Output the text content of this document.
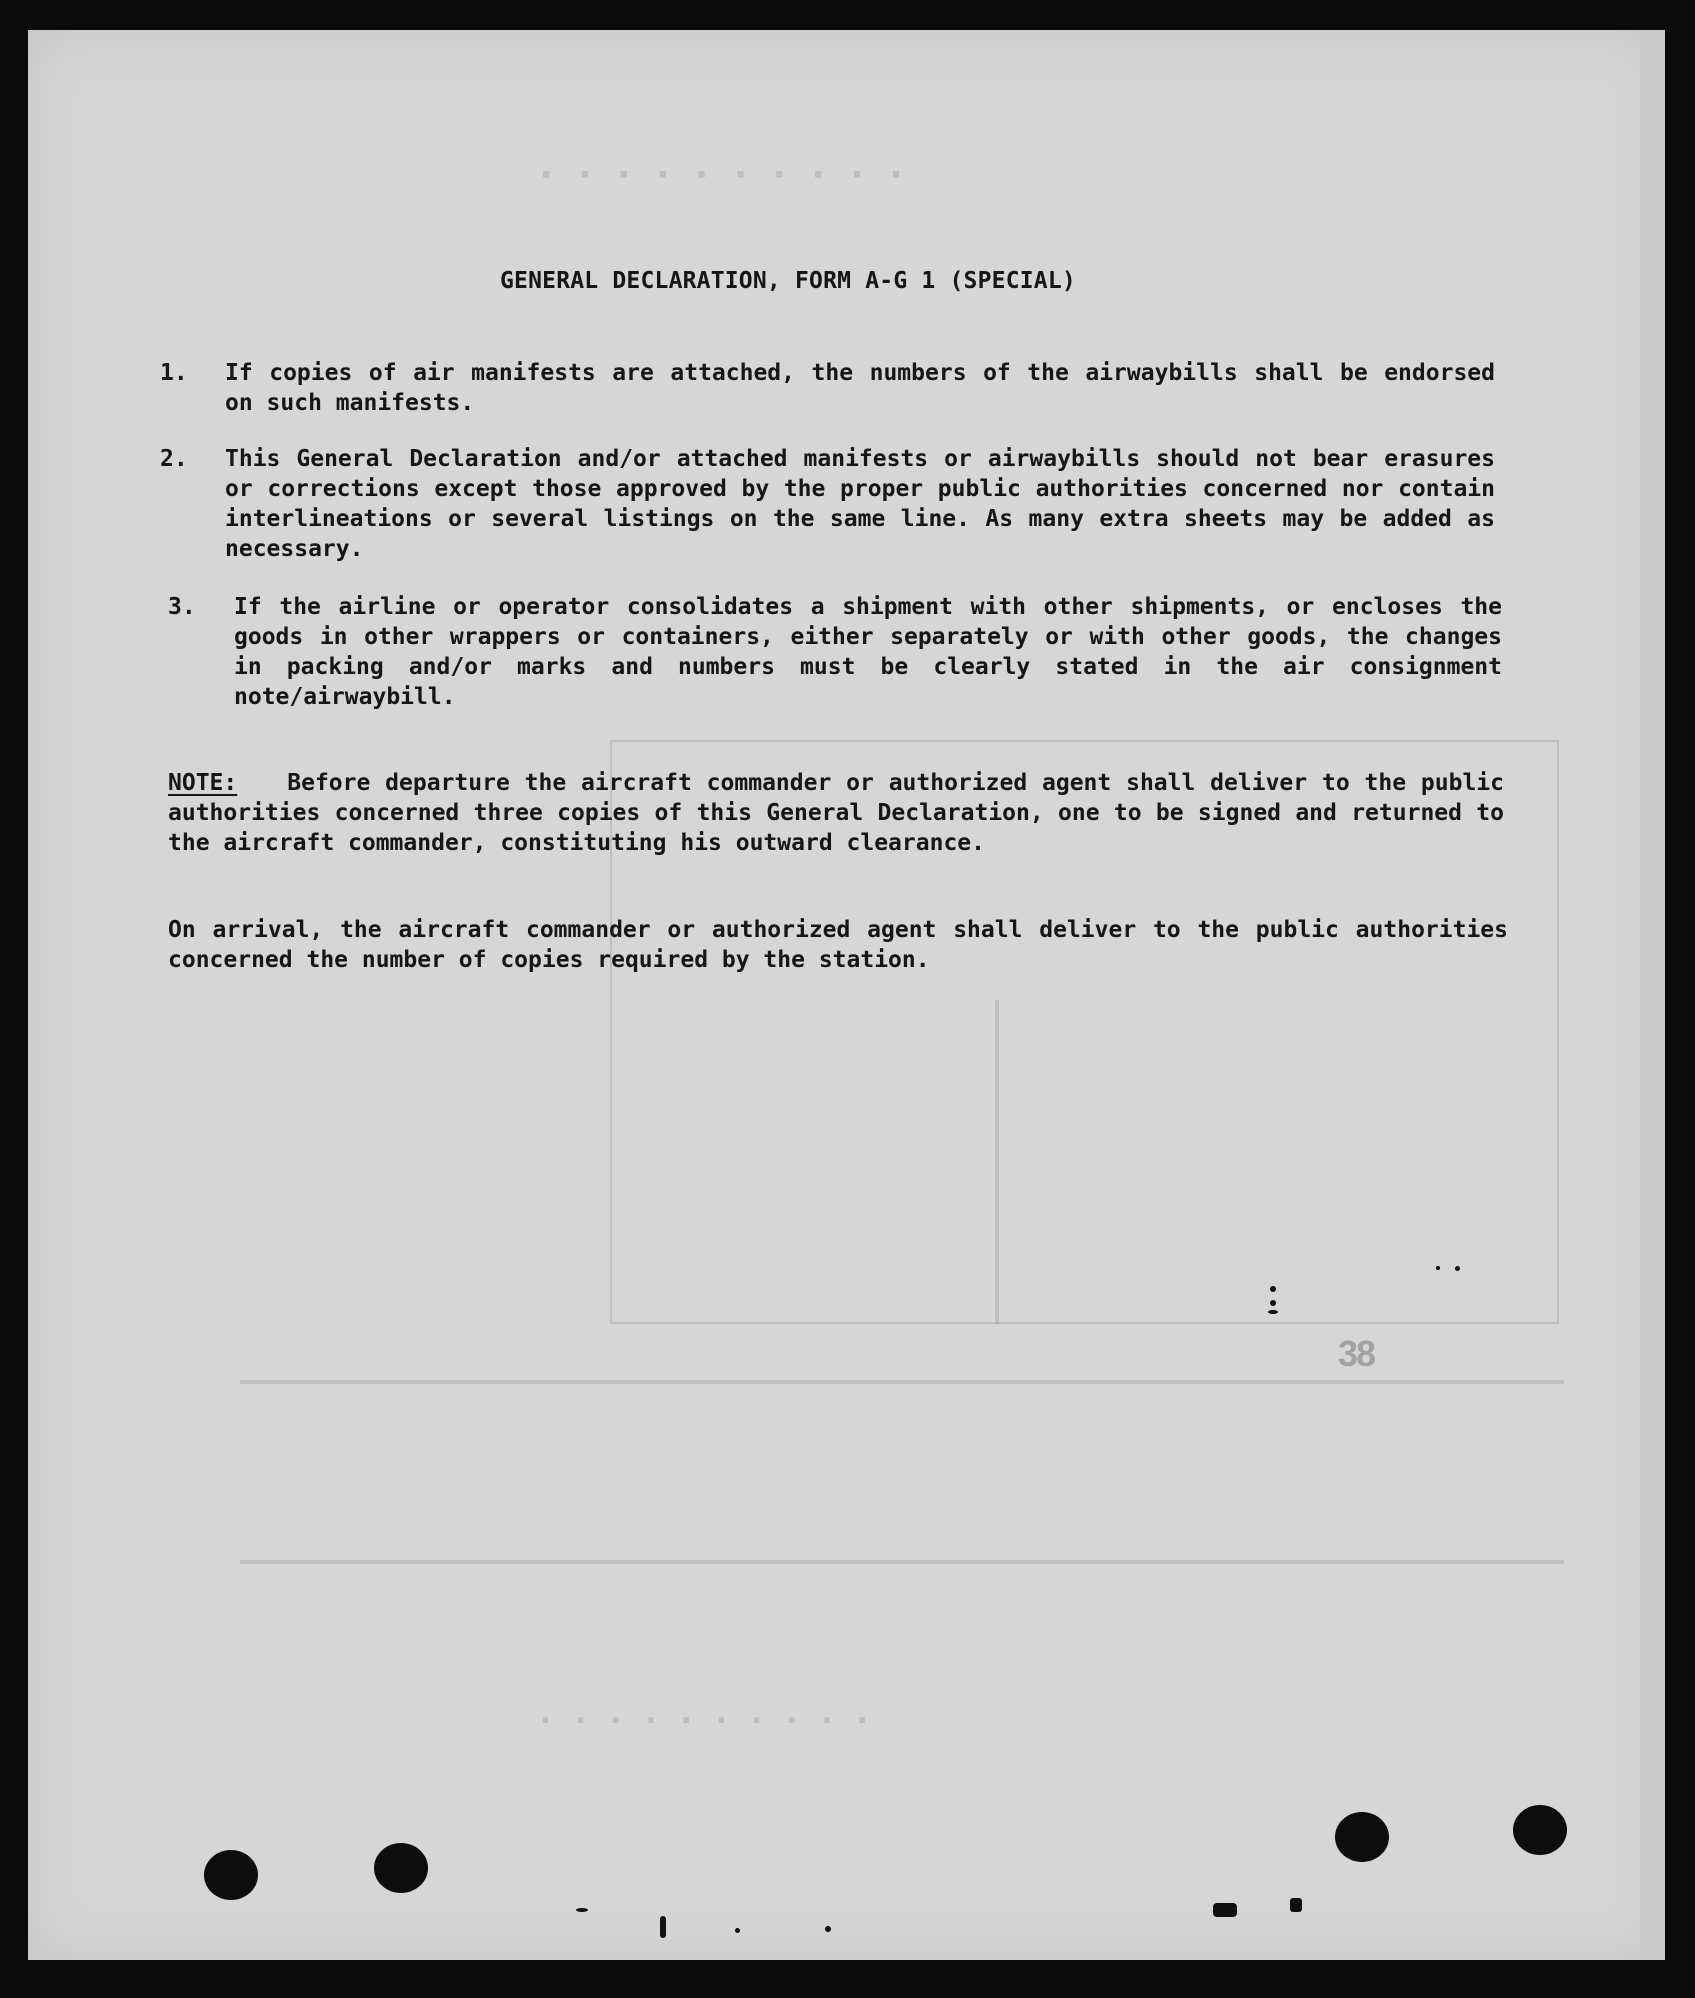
· · · · · · · · · ·
· · · · · · · · · ·
GENERAL DECLARATION, FORM A-G 1 (SPECIAL)
1. If copies of air manifests are attached, the numbers of the airwaybills shall be endorsed on such manifests.
2. This General Declaration and/or attached manifests or airwaybills should not bear erasures or corrections except those approved by the proper public authorities concerned nor contain interlineations or several listings on the same line. As many extra sheets may be added as necessary.
3. If the airline or operator consolidates a shipment with other shipments, or encloses the goods in other wrappers or containers, either separately or with other goods, the changes in packing and/or marks and numbers must be clearly stated in the air consignment note/airwaybill.
NOTE: Before departure the aircraft commander or authorized agent shall deliver to the public authorities concerned three copies of this General Declaration, one to be signed and returned to the aircraft commander, constituting his outward clearance.
On arrival, the aircraft commander or authorized agent shall deliver to the public authorities concerned the number of copies required by the station.
38
